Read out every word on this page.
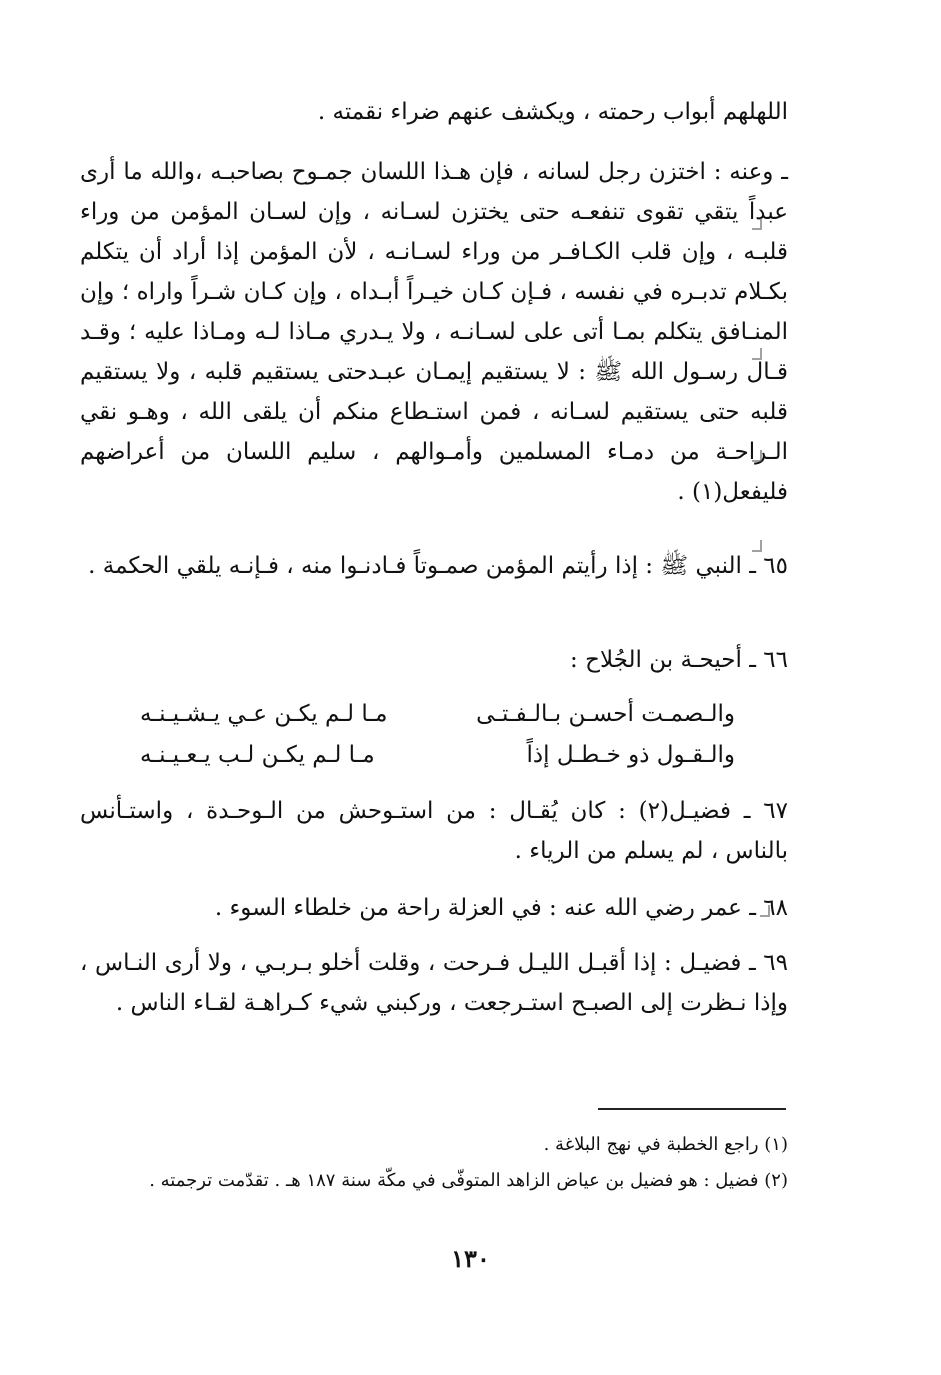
اللهلهم أبواب رحمته ، ويكشف عنهم ضراء نقمته .
ـ وعنه : اختزن رجل لسانه ، فإن هـذا اللسان جمـوح بصاحبـه ،والله ما أرى عبداً يتقي تقوى تنفعـه حتى يختزن لسـانه ، وإن لسـان المؤمن من وراء قلبـه ، وإن قلب الكـافـر من وراء لسـانـه ، لأن المؤمن إذا أراد أن يتكلم بكـلام تدبـره في نفسه ، فـإن كـان خيـراً أبـداه ، وإن كـان شـراً واراه ؛ وإن المنـافق يتكلم بمـا أتى على لسـانـه ، ولا يـدري مـاذا لـه ومـاذا عليه ؛ وقـد قـال رسـول الله ﷺ : لا يستقيم إيمـان عبـدحتى يستقيم قلبه ، ولا يستقيم قلبه حتى يستقيم لسـانه ، فمن استـطاع منكم أن يلقى الله ، وهـو نقي الـراحـة من دمـاء المسلمين وأمـوالهم ، سليم اللسان من أعراضهم فليفعل(١) .
٦٥ ـ النبي ﷺ : إذا رأيتم المؤمن صمـوتاً فـادنـوا منه ، فـإنـه يلقي الحكمة .
٦٦ ـ أحيحـة بن الجُلاح :
والـصمـت أحسـن بـالـفـتـى
مـا لـم يكـن عـي يـشـيـنـه
والـقـول ذو خـطـل إذاً
مـا لـم يكـن لـب يـعـيـنـه
٦٧ ـ فضيـل(٢) : كان يُقـال : من استـوحش من الـوحـدة ، واستـأنس بالناس ، لم يسلم من الرياء .
٦٨ ـ عمر رضي الله عنه : في العزلة راحة من خلطاء السوء .
٦٩ ـ فضيـل : إذا أقبـل الليـل فـرحت ، وقلت أخلو بـربـي ، ولا أرى النـاس ، وإذا نـظرت إلى الصبـح استـرجعت ، وركبني شيء كـراهـة لقـاء الناس .
(١) راجع الخطبة في نهج البلاغة .
(٢) فضيل : هو فضيل بن عياض الزاهد المتوفّى في مكّة سنة ١٨٧ هـ . تقدّمت ترجمته .
١٣٠
